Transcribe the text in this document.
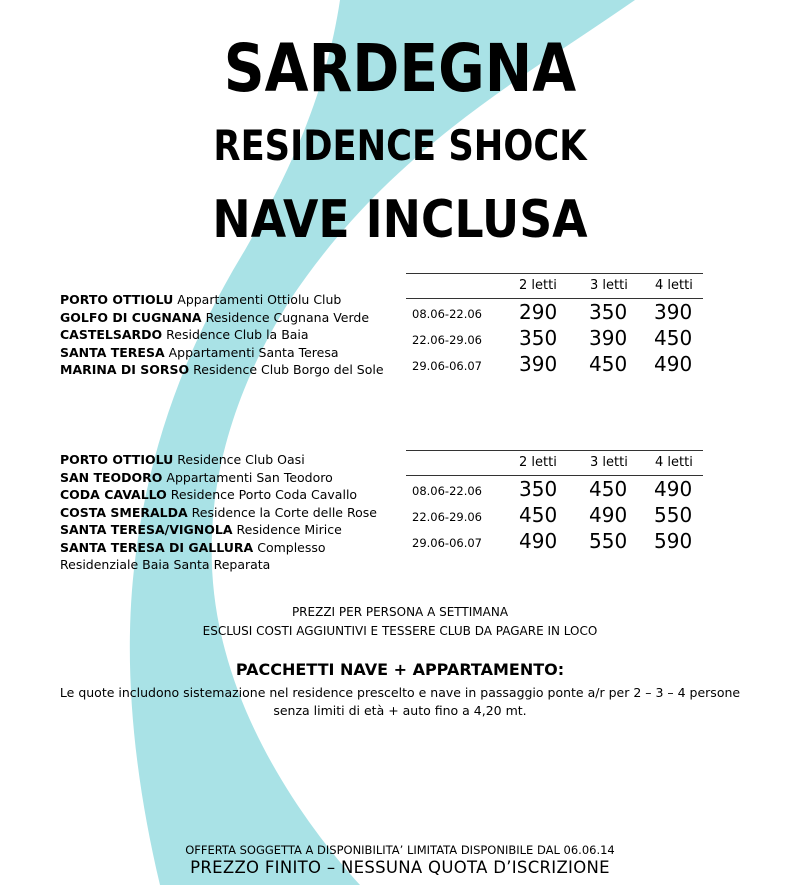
SARDEGNA
RESIDENCE SHOCK
NAVE INCLUSA
PORTO OTTIOLU Appartamenti Ottiolu Club
GOLFO DI CUGNANA Residence Cugnana Verde
CASTELSARDO Residence Club la Baia
SANTA TERESA Appartamenti Santa Teresa
MARINA DI SORSO Residence Club Borgo del Sole
2 letti	3 letti 4 letti
08.06-22.06 290 350 390
22.06-29.06 350 390 450
29.06-06.07 390 450 490
PORTO OTTIOLU Residence Club Oasi
SAN TEODORO Appartamenti San Teodoro
CODA CAVALLO Residence Porto Coda Cavallo
COSTA SMERALDA Residence la Corte delle Rose
SANTA TERESA/VIGNOLA Residence Mirice
SANTA TERESA DI GALLURA Complesso
Residenziale Baia Santa Reparata
2 letti	3 letti 4 letti
08.06-22.06 350 450 490
22.06-29.06 450 490 550
29.06-06.07 490 550 590
PREZZI PER PERSONA A SETTIMANA
ESCLUSI COSTI AGGIUNTIVI E TESSERE CLUB DA PAGARE IN LOCO
PACCHETTI NAVE + APPARTAMENTO:
Le quote includono sistemazione nel residence prescelto e nave in passaggio ponte a/r per 2 – 3 – 4 persone
senza limiti di età + auto fino a 4,20 mt.
OFFERTA SOGGETTA A DISPONIBILITA’ LIMITATA DISPONIBILE DAL 06.06.14
PREZZO FINITO – NESSUNA QUOTA D’ISCRIZIONE
